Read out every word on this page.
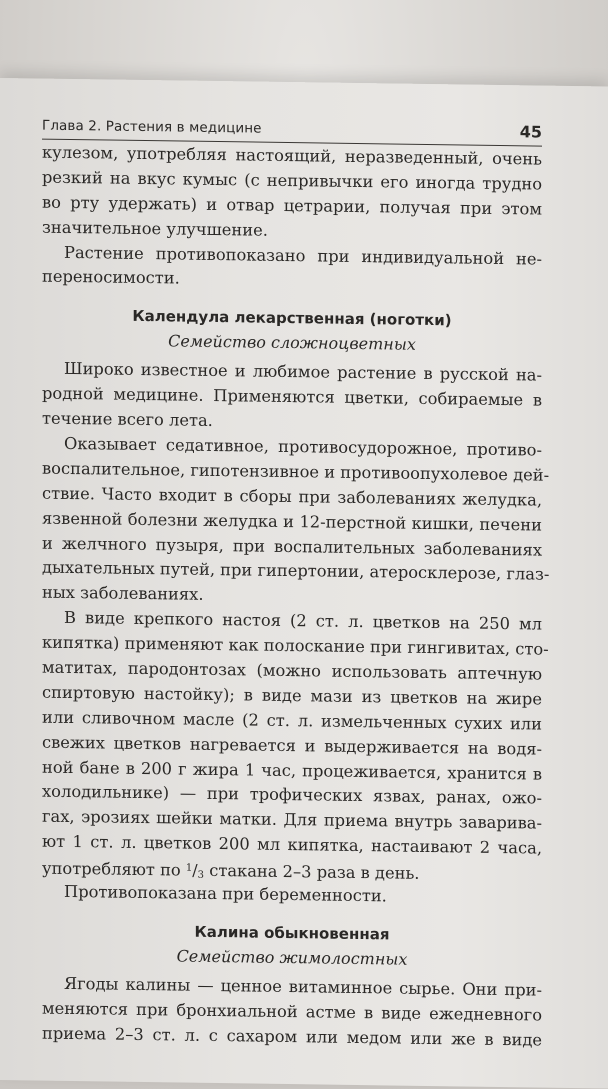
Глава 2. Растения в медицине	45
кулезом, употребляя настоящий, неразведенный, очень
резкий на вкус кумыс (с непривычки его иногда трудно
во рту удержать) и отвар цетрарии, получая при этом
значительное улучшение.
Растение противопоказано при индивидуальной не-
переносимости.
Календула лекарственная (ноготки)
Семейство сложноцветных
Широко известное и любимое растение в русской на-
родной медицине. Применяются цветки, собираемые в
течение всего лета.
Оказывает седативное, противосудорожное, противо-
воспалительное, гипотензивное и противоопухолевое дей-
ствие. Часто входит в сборы при заболеваниях желудка,
язвенной болезни желудка и 12-перстной кишки, печени
и желчного пузыря, при воспалительных заболеваниях
дыхательных путей, при гипертонии, атеросклерозе, глаз-
ных заболеваниях.
В виде крепкого настоя (2 ст. л. цветков на 250 мл
кипятка) применяют как полоскание при гингивитах, сто-
матитах, пародонтозах (можно использовать аптечную
спиртовую настойку); в виде мази из цветков на жире
или сливочном масле (2 ст. л. измельченных сухих или
свежих цветков нагревается и выдерживается на водя-
ной бане в 200 г жира 1 час, процеживается, хранится в
холодильнике) — при трофических язвах, ранах, ожо-
гах, эрозиях шейки матки. Для приема внутрь заварива-
ют 1 ст. л. цветков 200 мл кипятка, настаивают 2 часа,
употребляют по $^1$/3 стакана 2–3 раза в день.
Противопоказана при беременности.
Калина обыкновенная
Семейство жимолостных
Ягоды калины — ценное витаминное сырье. Они при-
меняются при бронхиальной астме в виде ежедневного
приема 2–3 ст. л. с сахаром или медом или же в виде
